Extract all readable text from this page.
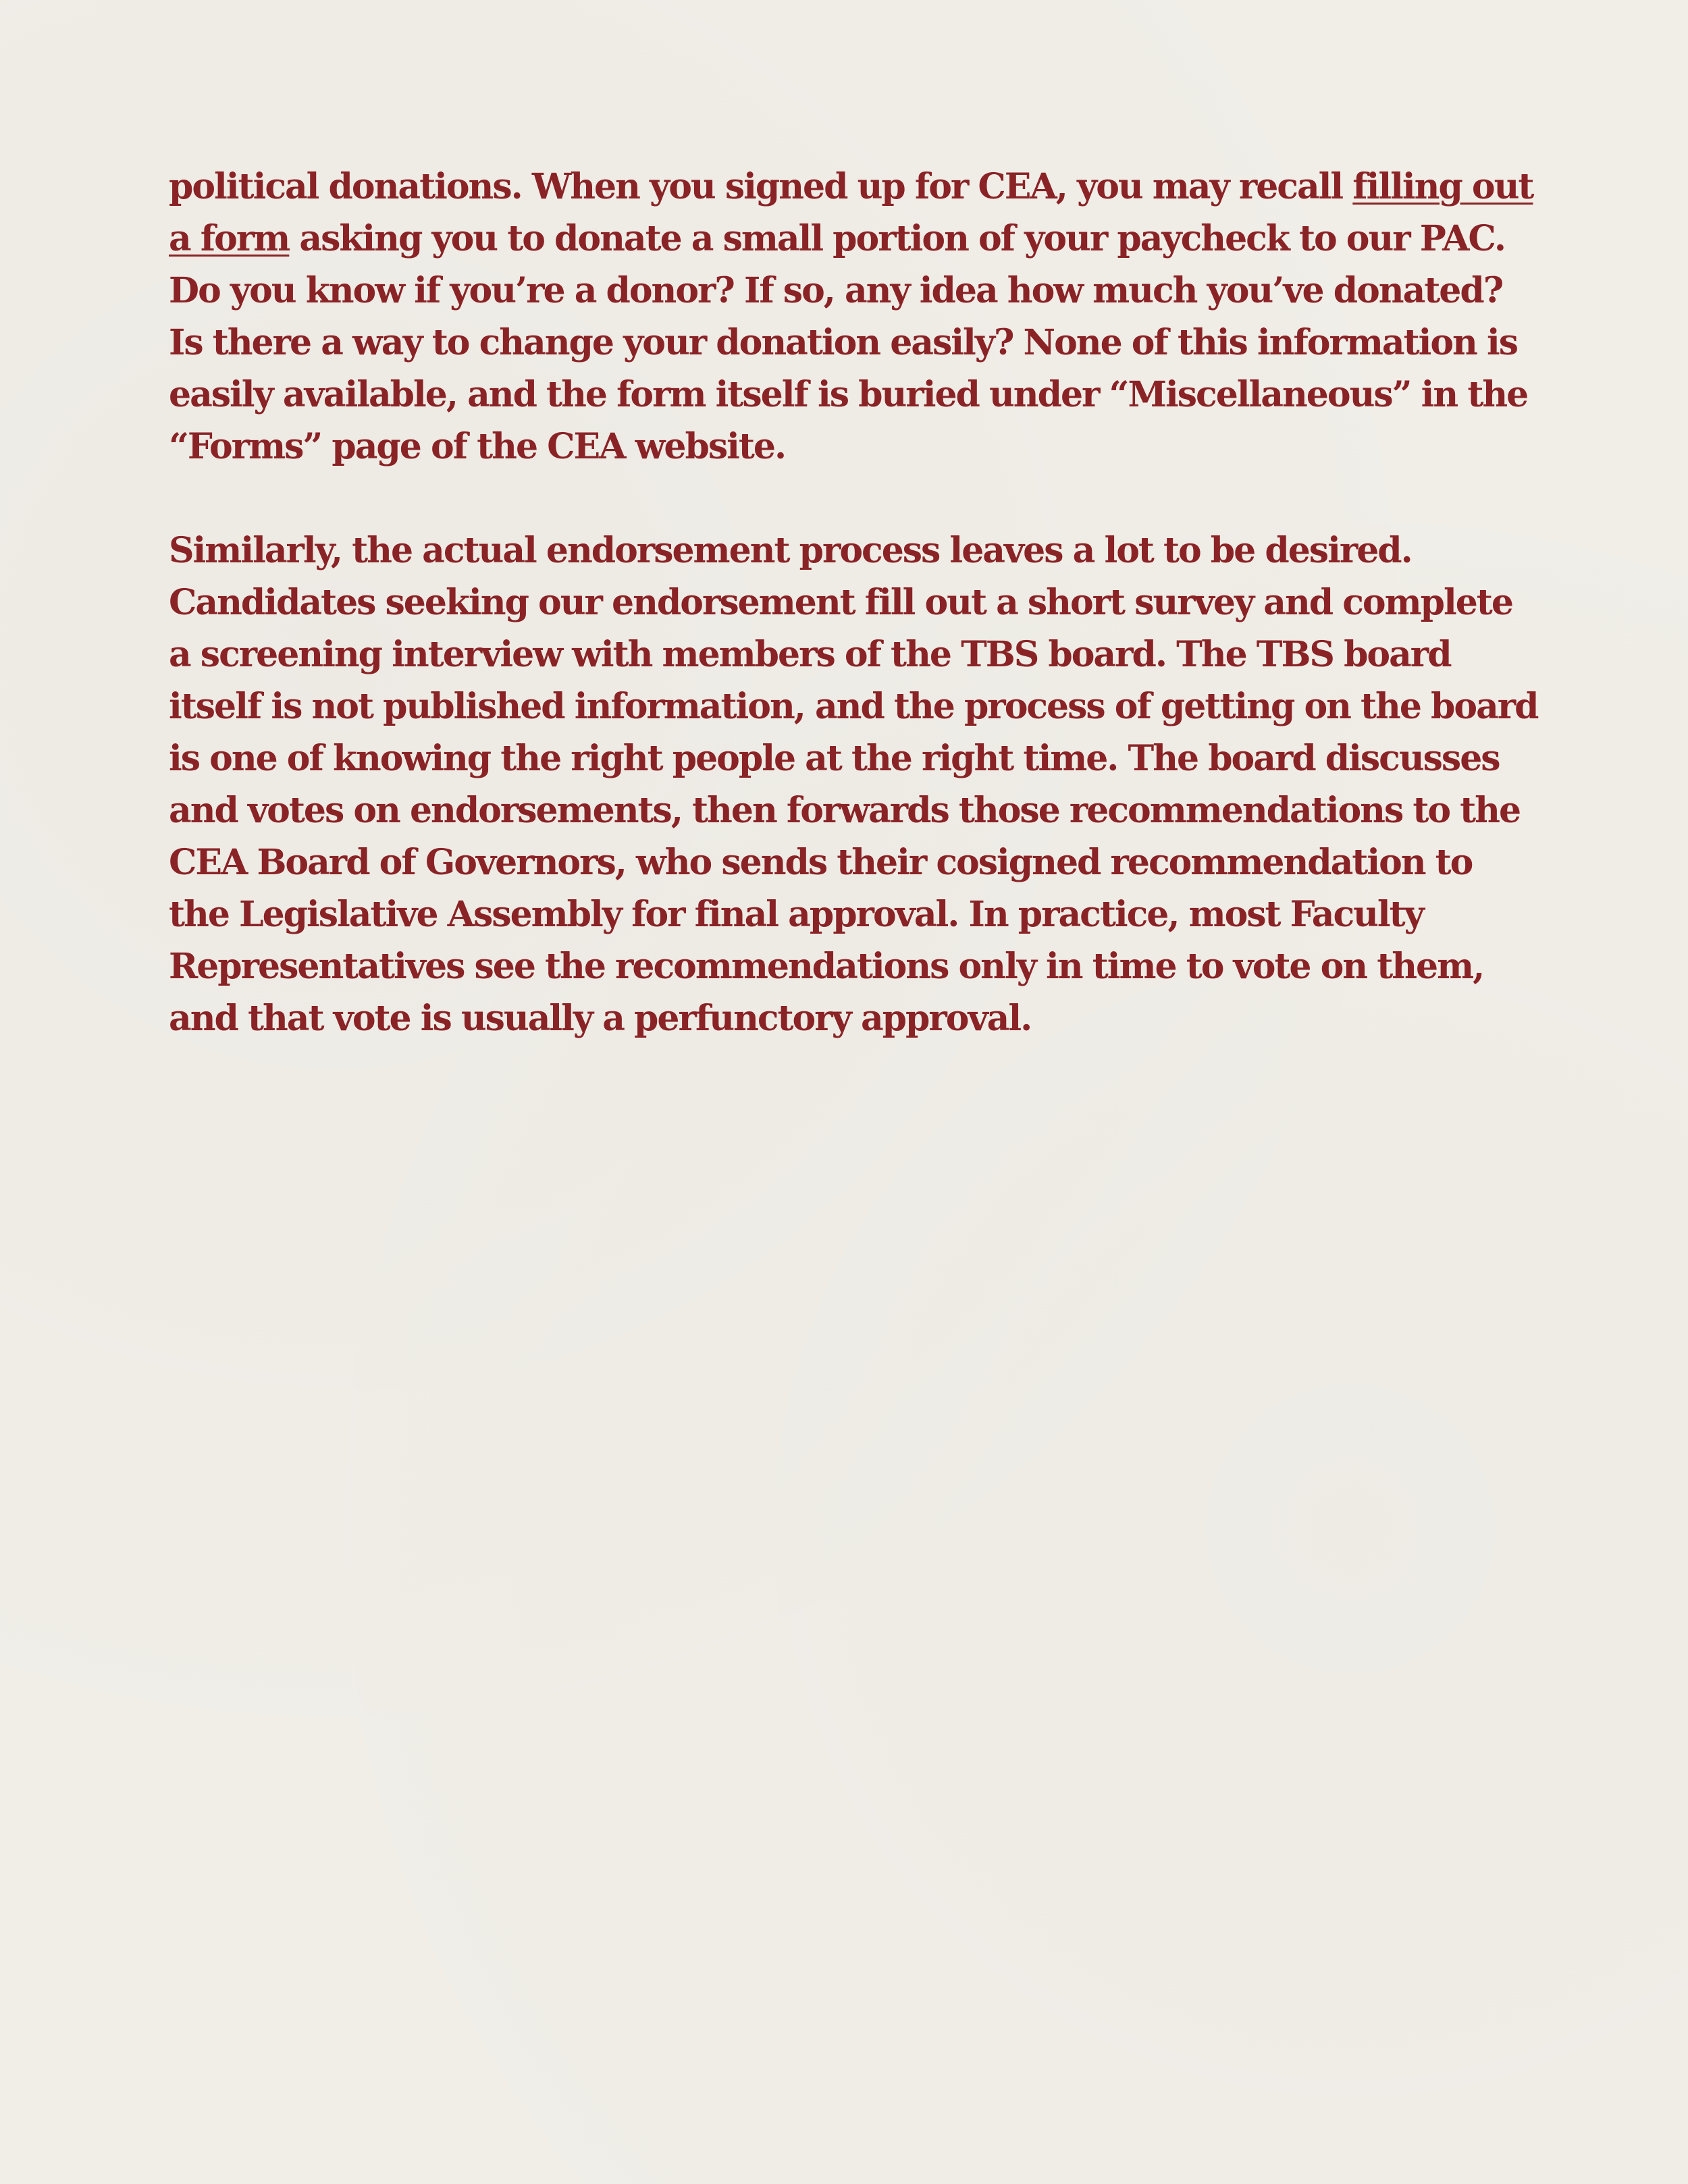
political donations. When you signed up for CEA, you may recall filling out a form asking you to donate a small portion of your paycheck to our PAC. Do you know if you’re a donor? If so, any idea how much you’ve donated? Is there a way to change your donation easily? None of this information is easily available, and the form itself is buried under “Miscellaneous” in the “Forms” page of the CEA website.

Similarly, the actual endorsement process leaves a lot to be desired. Candidates seeking our endorsement fill out a short survey and complete a screening interview with members of the TBS board. The TBS board itself is not published information, and the process of getting on the board is one of knowing the right people at the right time. The board discusses and votes on endorsements, then forwards those recommendations to the CEA Board of Governors, who sends their cosigned recommendation to the Legislative Assembly for final approval. In practice, most Faculty Representatives see the recommendations only in time to vote on them, and that vote is usually a perfunctory approval.
